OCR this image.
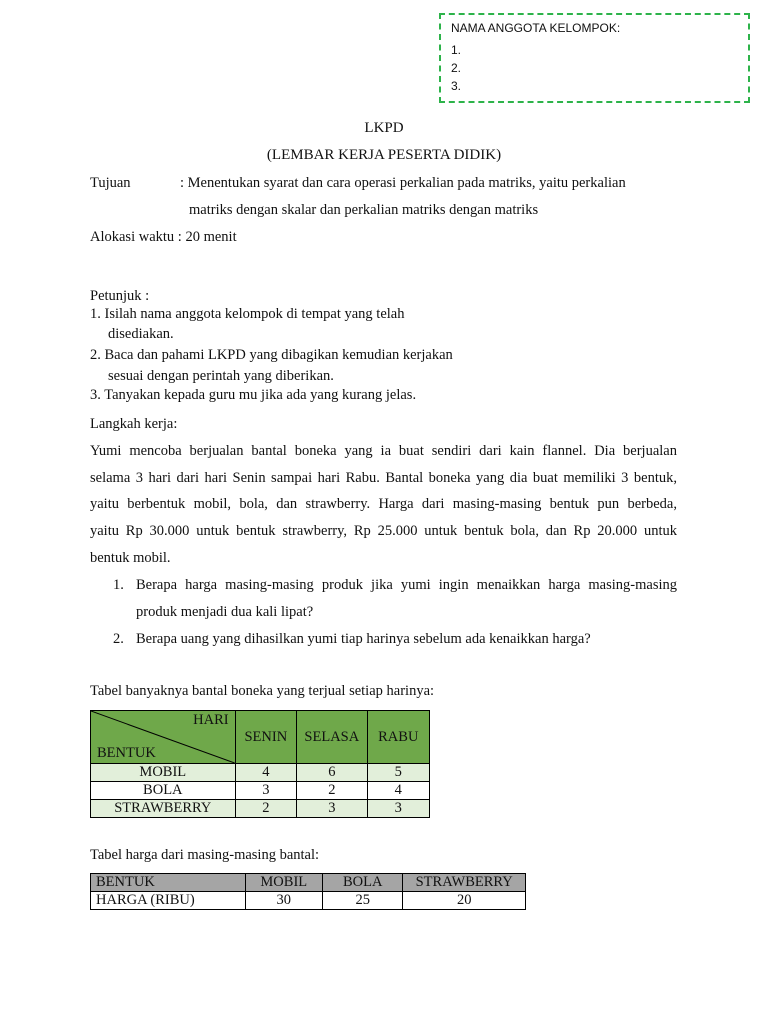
NAMA ANGGOTA KELOMPOK:
1.
2.
3.
LKPD
(LEMBAR KERJA PESERTA DIDIK)
Tujuan	: Menentukan syarat dan cara operasi perkalian pada matriks, yaitu perkalian
matriks dengan skalar dan perkalian matriks dengan matriks
Alokasi waktu : 20 menit
Petunjuk :
1. Isilah nama anggota kelompok di tempat yang telah
disediakan.
2. Baca dan pahami LKPD yang dibagikan kemudian kerjakan
sesuai dengan perintah yang diberikan.
3. Tanyakan kepada guru mu jika ada yang kurang jelas.
Langkah kerja:
Yumi mencoba berjualan bantal boneka yang ia buat sendiri dari kain flannel. Dia berjualan
selama 3 hari dari hari Senin sampai hari Rabu. Bantal boneka yang dia buat memiliki 3 bentuk,
yaitu berbentuk mobil, bola, dan strawberry. Harga dari masing-masing bentuk pun berbeda,
yaitu Rp 30.000 untuk bentuk strawberry, Rp 25.000 untuk bentuk bola, dan Rp 20.000 untuk
bentuk mobil.
1. Berapa harga masing-masing produk jika yumi ingin menaikkan harga masing-masing
produk menjadi dua kali lipat?
2. Berapa uang yang dihasilkan yumi tiap harinya sebelum ada kenaikkan harga?
Tabel banyaknya bantal boneka yang terjual setiap harinya:
HARI
BENTUK	SENIN	SELASA	RABU
MOBIL	4	6	5
BOLA	3	2	4
STRAWBERRY	2	3	3
Tabel harga dari masing-masing bantal:
BENTUK	MOBIL	BOLA	STRAWBERRY
HARGA (RIBU)	30	25	20
